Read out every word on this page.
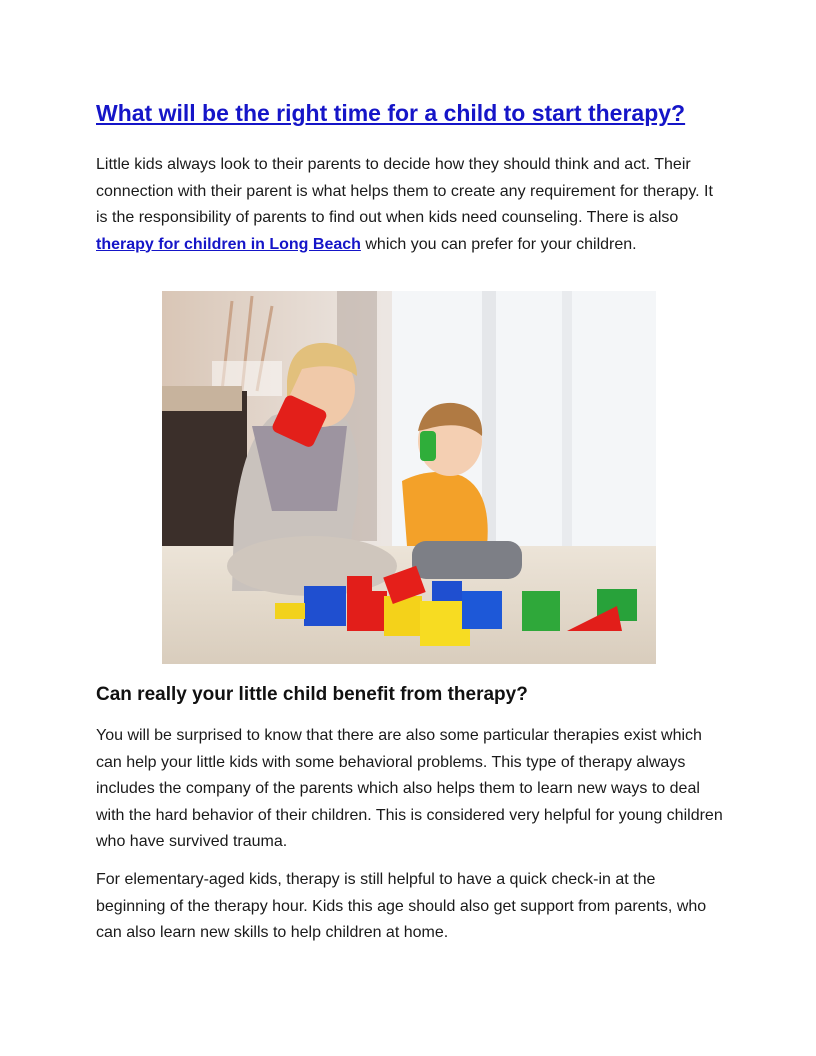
What will be the right time for a child to start therapy?

Little kids always look to their parents to decide how they should think and act. Their connection with their parent is what helps them to create any requirement for therapy. It is the responsibility of parents to find out when kids need counseling. There is also therapy for children in Long Beach which you can prefer for your children.

Can really your little child benefit from therapy?

You will be surprised to know that there are also some particular therapies exist which can help your little kids with some behavioral problems. This type of therapy always includes the company of the parents which also helps them to learn new ways to deal with the hard behavior of their children. This is considered very helpful for young children who have survived trauma.

For elementary-aged kids, therapy is still helpful to have a quick check-in at the beginning of the therapy hour. Kids this age should also get support from parents, who can also learn new skills to help children at home.
